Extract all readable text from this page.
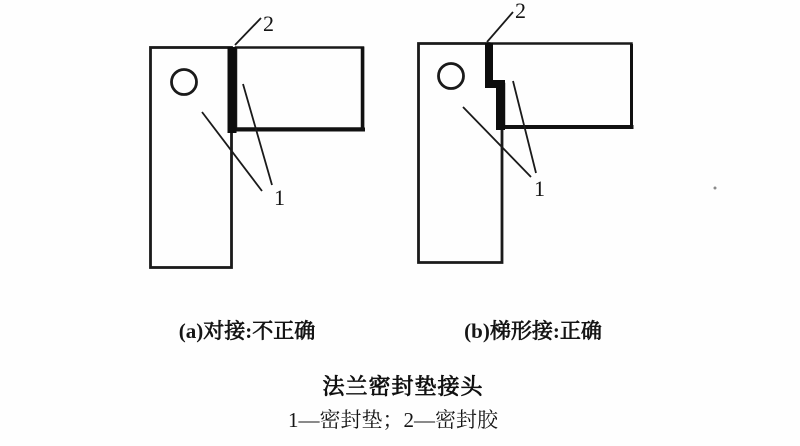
2
1
2
1
(a)对接:不正确	(b)梯形接:正确
法兰密封垫接头
1—密封垫；2—密封胶
